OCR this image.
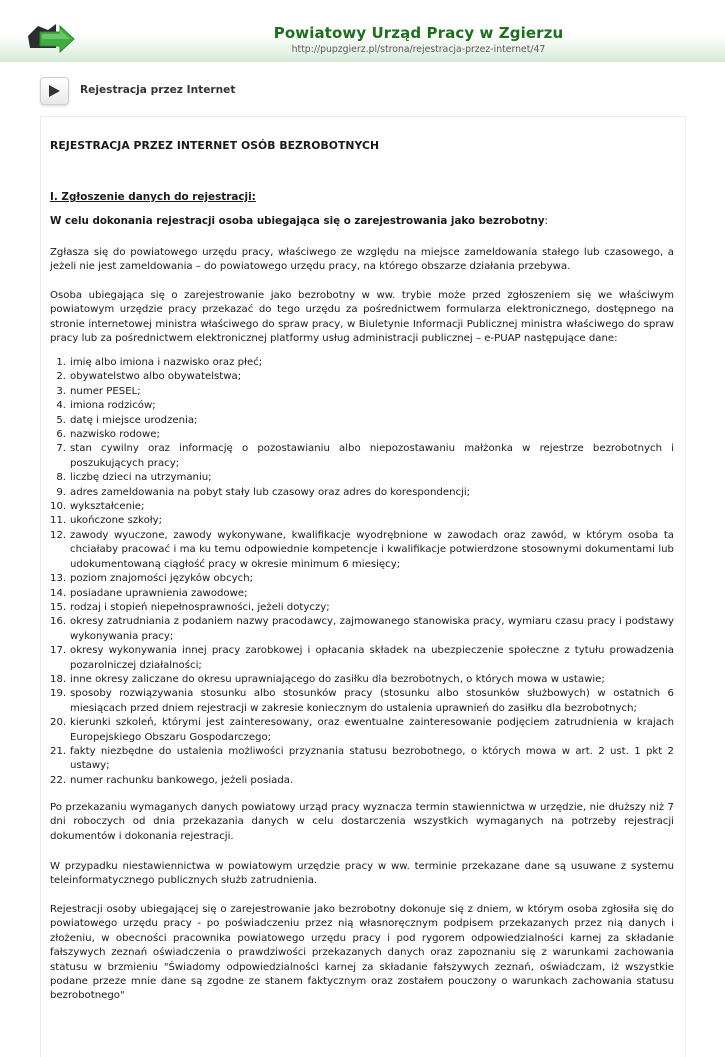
Powiatowy Urząd Pracy w Zgierzu
http://pupzgierz.pl/strona/rejestracja-przez-internet/47
Rejestracja przez Internet
REJESTRACJA PRZEZ INTERNET OSÓB BEZROBOTNYCH
I. Zgłoszenie danych do rejestracji:
W celu dokonania rejestracji osoba ubiegająca się o zarejestrowania jako bezrobotny:

Zgłasza się do powiatowego urzędu pracy, właściwego ze względu na miejsce zameldowania stałego lub czasowego, a jeżeli nie jest zameldowania – do powiatowego urzędu pracy, na którego obszarze działania przebywa.

Osoba ubiegająca się o zarejestrowanie jako bezrobotny w ww. trybie może przed zgłoszeniem się we właściwym powiatowym urzędzie pracy przekazać do tego urzędu za pośrednictwem formularza elektronicznego, dostępnego na stronie internetowej ministra właściwego do spraw pracy, w Biuletynie Informacji Publicznej ministra właściwego do spraw pracy lub za pośrednictwem elektronicznej platformy usług administracji publicznej – e-PUAP następujące dane:

1. imię albo imiona i nazwisko oraz płeć;
2. obywatelstwo albo obywatelstwa;
3. numer PESEL;
4. imiona rodziców;
5. datę i miejsce urodzenia;
6. nazwisko rodowe;
7. stan cywilny oraz informację o pozostawianiu albo niepozostawaniu małżonka w rejestrze bezrobotnych i poszukujących pracy;
8. liczbę dzieci na utrzymaniu;
9. adres zameldowania na pobyt stały lub czasowy oraz adres do korespondencji;
10. wykształcenie;
11. ukończone szkoły;
12. zawody wyuczone, zawody wykonywane, kwalifikacje wyodrębnione w zawodach oraz zawód, w którym osoba ta chciałaby pracować i ma ku temu odpowiednie kompetencje i kwalifikacje potwierdzone stosownymi dokumentami lub udokumentowaną ciągłość pracy w okresie minimum 6 miesięcy;
13. poziom znajomości języków obcych;
14. posiadane uprawnienia zawodowe;
15. rodzaj i stopień niepełnosprawności, jeżeli dotyczy;
16. okresy zatrudniania z podaniem nazwy pracodawcy, zajmowanego stanowiska pracy, wymiaru czasu pracy i podstawy wykonywania pracy;
17. okresy wykonywania innej pracy zarobkowej i opłacania składek na ubezpieczenie społeczne z tytułu prowadzenia pozarolniczej działalności;
18. inne okresy zaliczane do okresu uprawniającego do zasiłku dla bezrobotnych, o których mowa w ustawie;
19. sposoby rozwiązywania stosunku albo stosunków pracy (stosunku albo stosunków służbowych) w ostatnich 6 miesiącach przed dniem rejestracji w zakresie koniecznym do ustalenia uprawnień do zasiłku dla bezrobotnych;
20. kierunki szkoleń, którymi jest zainteresowany, oraz ewentualne zainteresowanie podjęciem zatrudnienia w krajach Europejskiego Obszaru Gospodarczego;
21. fakty niezbędne do ustalenia możliwości przyznania statusu bezrobotnego, o których mowa w art. 2 ust. 1 pkt 2 ustawy;
22. numer rachunku bankowego, jeżeli posiada.

Po przekazaniu wymaganych danych powiatowy urząd pracy wyznacza termin stawiennictwa w urzędzie, nie dłuższy niż 7 dni roboczych od dnia przekazania danych w celu dostarczenia wszystkich wymaganych na potrzeby rejestracji dokumentów i dokonania rejestracji.

W przypadku niestawiennictwa w powiatowym urzędzie pracy w ww. terminie przekazane dane są usuwane z systemu teleinformatycznego publicznych służb zatrudnienia.

Rejestracji osoby ubiegającej się o zarejestrowanie jako bezrobotny dokonuje się z dniem, w którym osoba zgłosiła się do powiatowego urzędu pracy - po poświadczeniu przez nią własnoręcznym podpisem przekazanych przez nią danych i złożeniu, w obecności pracownika powiatowego urzędu pracy i pod rygorem odpowiedzialności karnej za składanie fałszywych zeznań oświadczenia o prawdziwości przekazanych danych oraz zapoznaniu się z warunkami zachowania statusu w brzmieniu "Świadomy odpowiedzialności karnej za składanie fałszywych zeznań, oświadczam, iż wszystkie podane przeze mnie dane są zgodne ze stanem faktycznym oraz zostałem pouczony o warunkach zachowania statusu bezrobotnego"
